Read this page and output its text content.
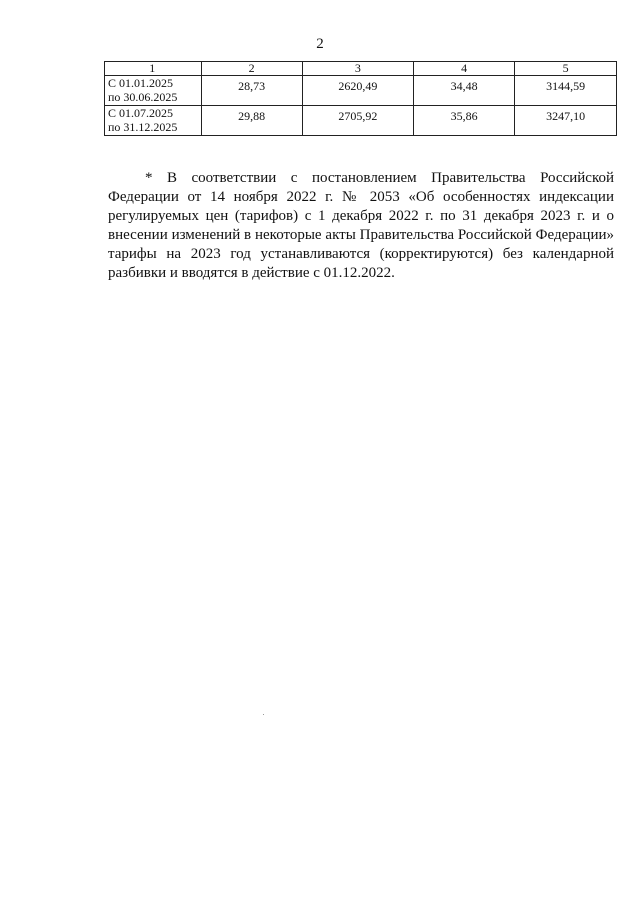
2
1	2	3	4	5

С 01.01.2025
по 30.06.2025	28,73	2620,49	34,48	3144,59

С 01.07.2025
по 31.12.2025	29,88	2705,92	35,86	3247,10

* В соответствии с постановлением Правительства Российской Федерации от 14 ноября 2022 г. № 2053 «Об особенностях индексации регулируемых цен (тарифов) с 1 декабря 2022 г. по 31 декабря 2023 г. и о внесении изменений в некоторые акты Правительства Российской Федерации» тарифы на 2023 год устанавливаются (корректируются) без календарной разбивки и вводятся в действие с 01.12.2022.
